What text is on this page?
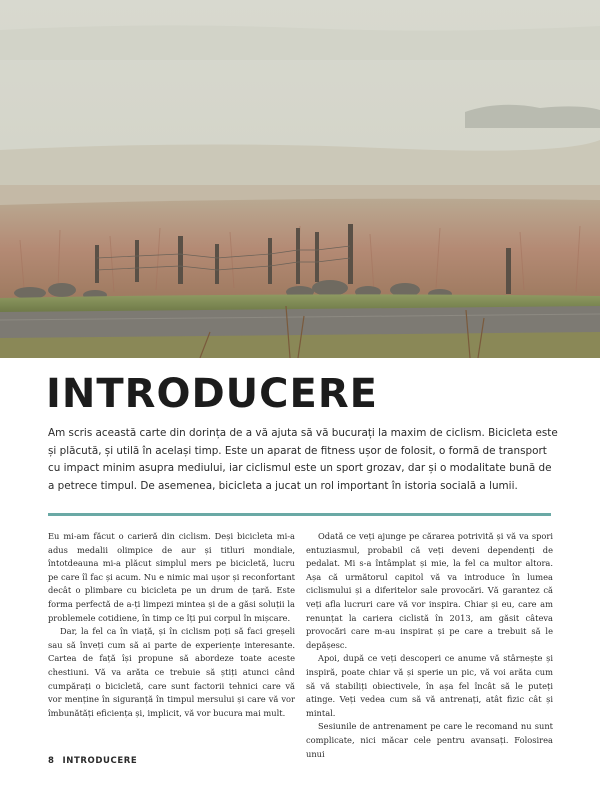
INTRODUCERE

Am scris această carte din dorința de a vă ajuta să vă bucurați la maxim de ciclism. Bicicleta este și plăcută, și utilă în același timp. Este un aparat de fitness ușor de folosit, o formă de transport cu impact minim asupra mediului, iar ciclismul este un sport grozav, dar și o modalitate bună de a petrece timpul. De asemenea, bicicleta a jucat un rol important în istoria socială a lumii.

Eu mi-am făcut o carieră din ciclism. Deși bicicleta mi-a adus medalii olimpice de aur și titluri mondiale, întotdeauna mi-a plăcut simplul mers pe bicicletă, lucru pe care îl fac și acum. Nu e nimic mai ușor și reconfortant decât o plimbare cu bicicleta pe un drum de țară. Este forma perfectă de a-ți limpezi mintea și de a găsi soluții la problemele cotidiene, în timp ce îți pui corpul în mișcare.

Dar, la fel ca în viață, și în ciclism poți să faci greșeli sau să înveți cum să ai parte de experiențe interesante. Cartea de față își propune să abordeze toate aceste chestiuni. Vă va arăta ce trebuie să știți atunci când cumpărați o bicicletă, care sunt factorii tehnici care vă vor menține în siguranță în timpul mersului și care vă vor îmbunătăți eficiența și, implicit, vă vor bucura mai mult.

Odată ce veți ajunge pe cărarea potrivită și vă va spori entuziasmul, probabil că veți deveni dependenți de pedalat. Mi s-a întâmplat și mie, la fel ca multor altora. Așa că următorul capitol vă va introduce în lumea ciclismului și a diferitelor sale provocări. Vă garantez că veți afla lucruri care vă vor inspira. Chiar și eu, care am renunțat la cariera ciclistă în 2013, am găsit câteva provocări care m-au inspirat și pe care a trebuit să le depășesc.

Apoi, după ce veți descoperi ce anume vă stârnește și inspiră, poate chiar vă și sperie un pic, vă voi arăta cum să vă stabiliți obiectivele, în așa fel încât să le puteți atinge. Veți vedea cum să vă antrenați, atât fizic cât și mintal.

Sesiunile de antrenament pe care le recomand nu sunt complicate, nici măcar cele pentru avansați. Folosirea unui

8 INTRODUCERE
